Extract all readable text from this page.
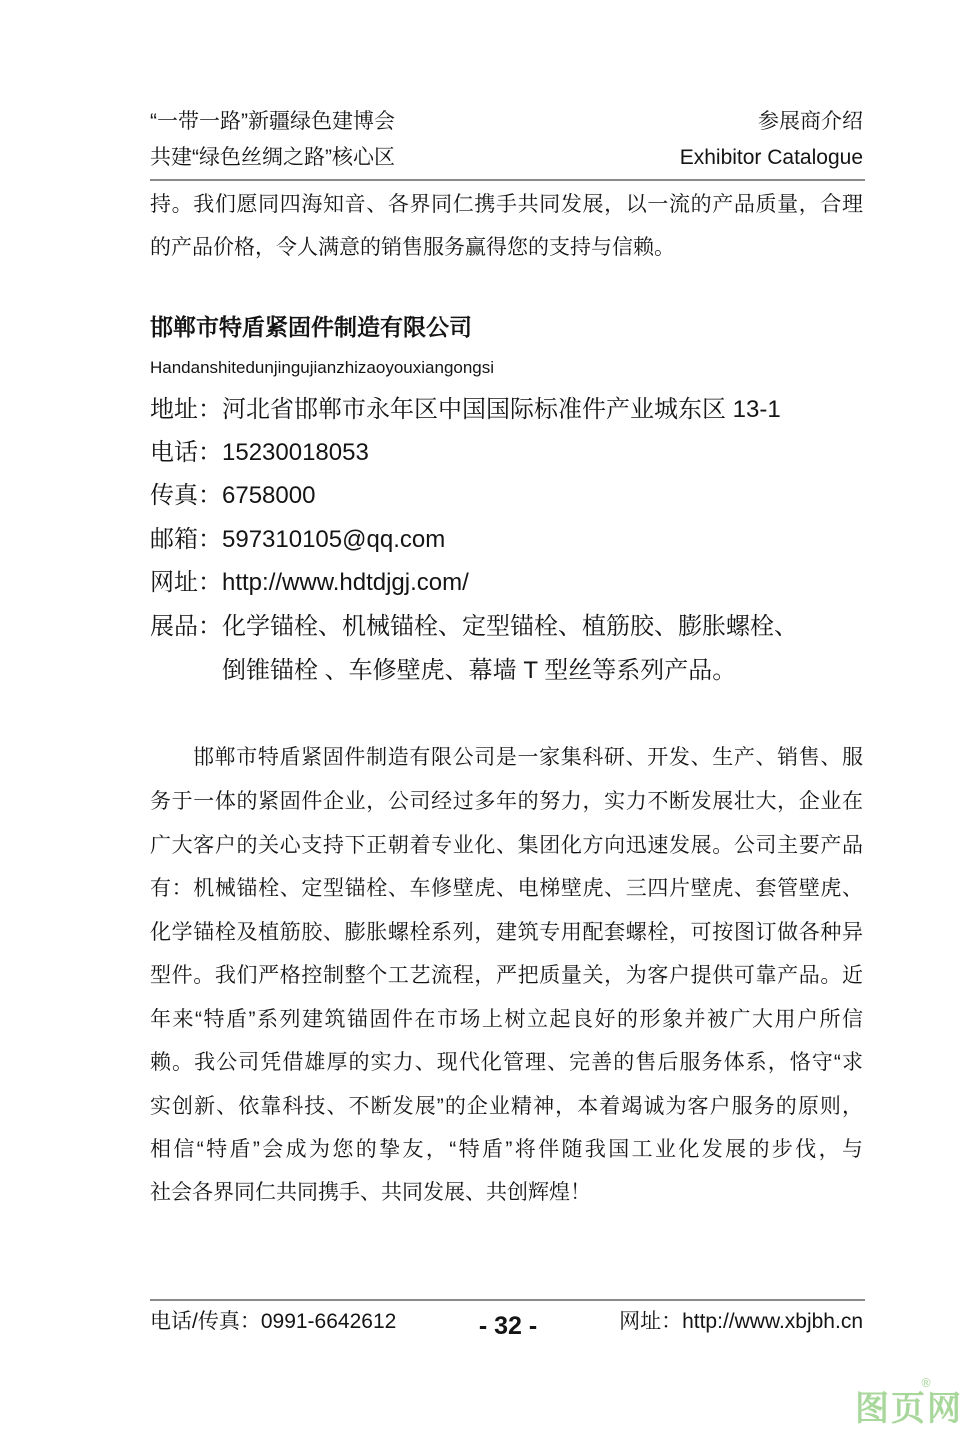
“一带一路”新疆绿色建博会	参展商介绍
共建“绿色丝绸之路”核心区	Exhibitor Catalogue
持。我们愿同四海知音、各界同仁携手共同发展，以一流的产品质量，合理
的产品价格，令人满意的销售服务赢得您的支持与信赖。
邯郸市特盾紧固件制造有限公司
Handanshitedunjingujianzhizaoyouxiangongsi
地址：河北省邯郸市永年区中国国际标准件产业城东区 13-1
电话：15230018053
传真：6758000
邮箱：597310105@qq.com
网址：http://www.hdtdjgj.com/
展品：化学锚栓、机械锚栓、定型锚栓、植筋胶、膨胀螺栓、
倒锥锚栓 、车修壁虎、幕墙 T 型丝等系列产品。
邯郸市特盾紧固件制造有限公司是一家集科研、开发、生产、销售、服
务于一体的紧固件企业，公司经过多年的努力，实力不断发展壮大，企业在
广大客户的关心支持下正朝着专业化、集团化方向迅速发展。公司主要产品
有：机械锚栓、定型锚栓、车修壁虎、电梯壁虎、三四片壁虎、套管壁虎、
化学锚栓及植筋胶、膨胀螺栓系列，建筑专用配套螺栓，可按图订做各种异
型件。我们严格控制整个工艺流程，严把质量关，为客户提供可靠产品。近
年来“特盾”系列建筑锚固件在市场上树立起良好的形象并被广大用户所信
赖。我公司凭借雄厚的实力、现代化管理、完善的售后服务体系，恪守“求
实创新、依靠科技、不断发展”的企业精神，本着竭诚为客户服务的原则，
相信“特盾”会成为您的挚友，“特盾”将伴随我国工业化发展的步伐，与
社会各界同仁共同携手、共同发展、共创辉煌！
电话/传真：0991-6642612	- 32 -	网址：http://www.xbjbh.cn
图页网
®
